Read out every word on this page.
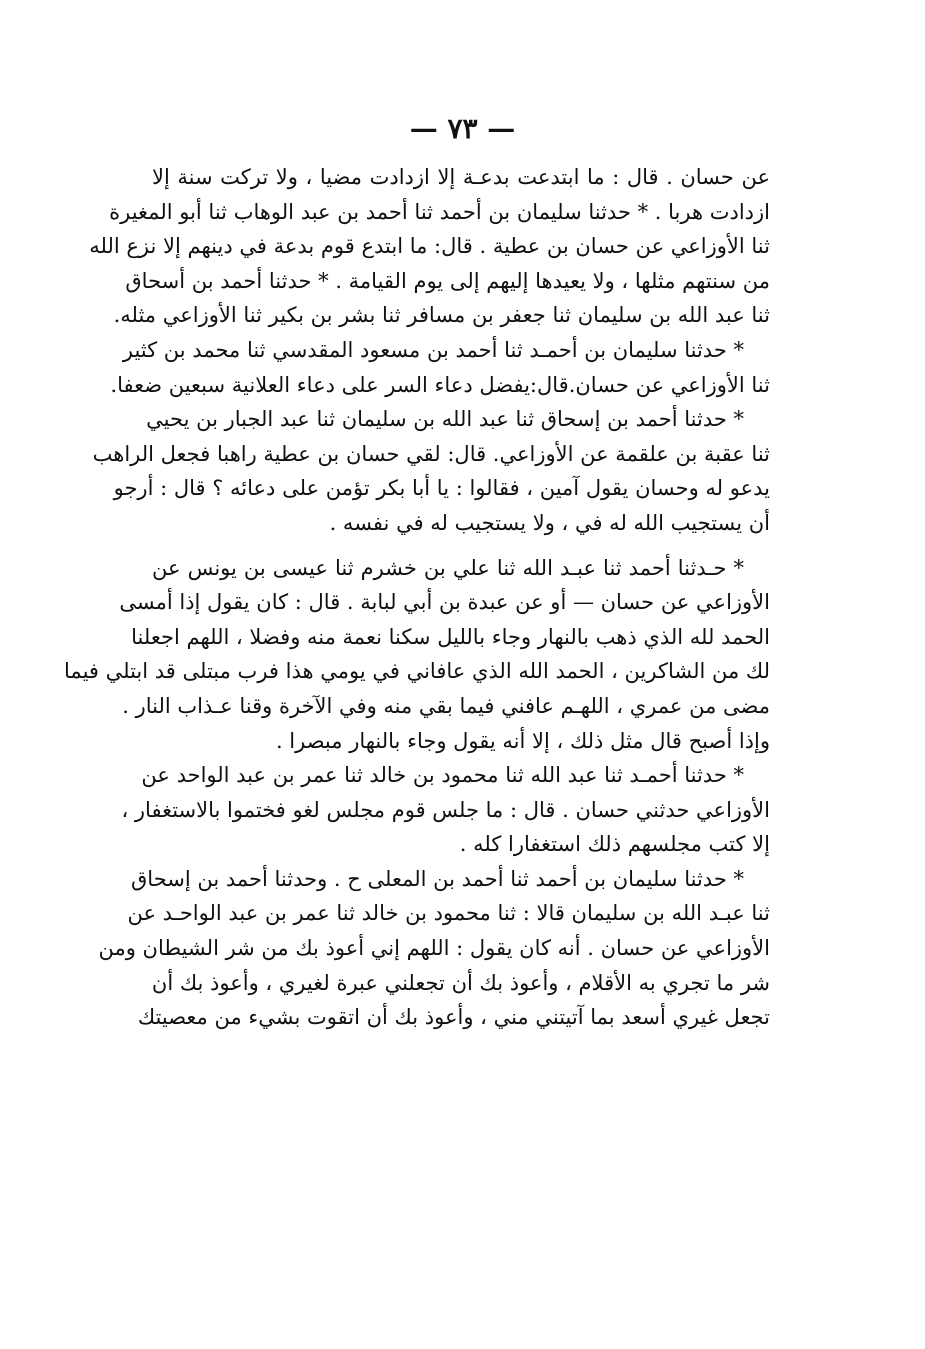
— ٧٣ —
عن حسان . قال : ما ابتدعت بدعـة إلا ازدادت مضيا ، ولا تركت سنة إلا
ازدادت هربا . * حدثنا سليمان بن أحمد ثنا أحمد بن عبد الوهاب ثنا أبو المغيرة
ثنا الأوزاعي عن حسان بن عطية . قال: ما ابتدع قوم بدعة في دينهم إلا نزع الله
من سنتهم مثلها ، ولا يعيدها إليهم إلى يوم القيامة . * حدثنا أحمد بن أسحاق
ثنا عبد الله بن سليمان ثنا جعفر بن مسافر ثنا بشر بن بكير ثنا الأوزاعي مثله.
* حدثنا سليمان بن أحمـد ثنا أحمد بن مسعود المقدسي ثنا محمد بن كثير
ثنا الأوزاعي عن حسان.قال:يفضل دعاء السر على دعاء العلانية سبعين ضعفا.
* حدثنا أحمد بن إسحاق ثنا عبد الله بن سليمان ثنا عبد الجبار بن يحيي
ثنا عقبة بن علقمة عن الأوزاعي. قال: لقي حسان بن عطية راهبا فجعل الراهب
يدعو له وحسان يقول آمين ، فقالوا : يا أبا بكر تؤمن على دعائه ؟ قال : أرجو
أن يستجيب الله له في ، ولا يستجيب له في نفسه .
* حـدثنا أحمد ثنا عبـد الله ثنا علي بن خشرم ثنا عيسى بن يونس عن
الأوزاعي عن حسان — أو عن عبدة بن أبي لبابة . قال : كان يقول إذا أمسى
الحمد لله الذي ذهب بالنهار وجاء بالليل سكنا نعمة منه وفضلا ، اللهم اجعلنا
لك من الشاكرين ، الحمد الله الذي عافاني في يومي هذا فرب مبتلى قد ابتلي فيما
مضى من عمري ، اللهـم عافني فيما بقي منه وفي الآخرة وقنا عـذاب النار .
وإذا أصبح قال مثل ذلك ، إلا أنه يقول وجاء بالنهار مبصرا .
* حدثنا أحمـد ثنا عبد الله ثنا محمود بن خالد ثنا عمر بن عبد الواحد عن
الأوزاعي حدثني حسان . قال : ما جلس قوم مجلس لغو فختموا بالاستغفار ،
إلا كتب مجلسهم ذلك استغفارا كله .
* حدثنا سليمان بن أحمد ثنا أحمد بن المعلى ح . وحدثنا أحمد بن إسحاق
ثنا عبـد الله بن سليمان قالا : ثنا محمود بن خالد ثنا عمر بن عبد الواحـد عن
الأوزاعي عن حسان . أنه كان يقول : اللهم إني أعوذ بك من شر الشيطان ومن
شر ما تجري به الأقلام ، وأعوذ بك أن تجعلني عبرة لغيري ، وأعوذ بك أن
تجعل غيري أسعد بما آتيتني مني ، وأعوذ بك أن اتقوت بشيء من معصيتك
